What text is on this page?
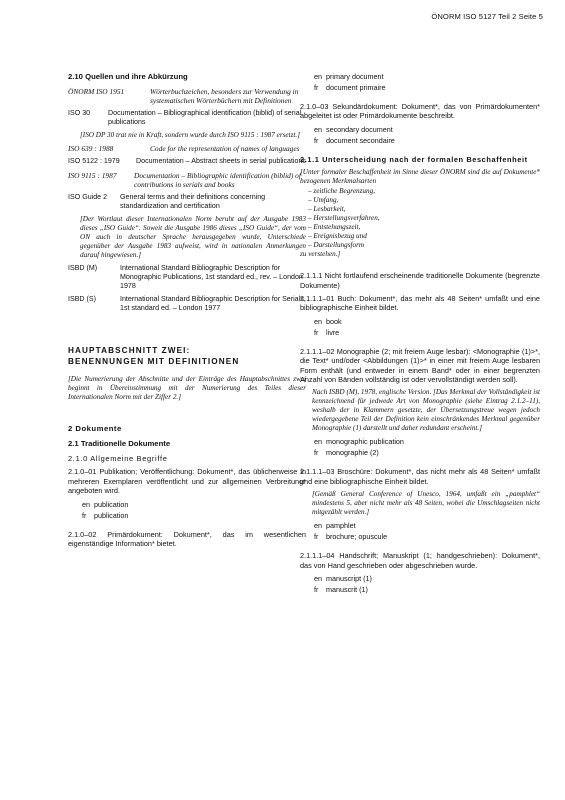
ÖNORM ISO 5127 Teil 2 Seite 5
2.10 Quellen und ihre Abkürzung
ÖNORM ISO 1951	Wörterbuchzeichen, besonders zur Verwendung in systematischen Wörterbüchern mit Definitionen
ISO 30	Documentation – Bibliographical identification (biblid) of serial publications
[ISO DP 30 trat nie in Kraft, sondern wurde durch ISO 9115 : 1987 ersetzt.]
ISO 639 : 1988	Code for the representation of names of languages
ISO 5122 : 1979	Documentation – Abstract sheets in serial publications
ISO 9115 : 1987	Documentation – Bibliographic identification (biblid) of contributions in serials and books
ISO Guide 2	General terms and their definitions concerning standardization and certification
[Der Wortlaut dieser Internationalen Norm beruht auf der Ausgabe 1983 dieses „ISO Guide“. Soweit die Ausgabe 1986 dieses „ISO Guide“, der vom ON auch in deutscher Sprache herausgegeben wurde, Unterschiede gegenüber der Ausgabe 1983 aufweist, wird in nationalen Anmerkungen darauf hingewiesen.]
ISBD (M)	International Standard Bibliographic Description for Monographic Publications, 1st standard ed., rev. – London 1978
ISBD (S)	International Standard Bibliographic Description for Serials, 1st standard ed. – London 1977
HAUPTABSCHNITT ZWEI:
BENENNUNGEN MIT DEFINITIONEN
[Die Numerierung der Abschnitte und der Einträge des Hauptabschnittes zwei beginnt in Übereinstimmung mit der Numerierung des Teiles dieser Internationalen Norm mit der Ziffer 2.]
2 Dokumente
2.1 Traditionelle Dokumente
2.1.0 Allgemeine Begriffe
2.1.0–01 Publikation; Veröffentlichung: Dokument*, das üblicherweise in mehreren Exemplaren veröffentlicht und zur allgemeinen Verbreitung* angeboten wird.
en publication
fr	publication
2.1.0–02 Primärdokument: Dokument*, das im wesentlichen eigenständige Information* bietet.
en primary document
fr	document primaire
2.1.0–03 Sekundärdokument: Dokument*, das von Primärdokumenten* abgeleitet ist oder Primärdokumente beschreibt.
en secondary document
fr	document secondaire
2.1.1 Unterscheidung nach der formalen Beschaffenheit
[Unter formaler Beschaffenheit im Sinne dieser ÖNORM sind die auf Dokumente* bezogenen Merkmalsarten
– zeitliche Begrenzung,
– Umfang,
– Lesbarkeit,
– Herstellungsverfahren,
– Entstehungszeit,
– Ereignisbezug und
– Darstellungsform
zu verstehen.]
2.1.1.1 Nicht fortlaufend erscheinende traditionelle Dokumente (begrenzte Dokumente)
2.1.1.1–01 Buch: Dokument*, das mehr als 48 Seiten* umfaßt und eine bibliographische Einheit bildet.
en book
fr	livre
2.1.1.1–02 Monographie (2; mit freiem Auge lesbar): <Monographie (1)>*, die Text* und/oder <Abbildungen (1)>* in einer mit freiem Auge lesbaren Form enthält (und entweder in einem Band* oder in einer begrenzten Anzahl von Bänden vollständig ist oder vervollständigt werden soll).
Nach ISBD (M), 1978, englische Version. [Das Merkmal der Vollständigkeit ist kennzeichnend für jedwede Art von Monographie (siehe Eintrag 2.1.2–11), weshalb der in Klammern gesetzte, der Übersetzungstreue wegen jedoch wiedergegebene Teil der Definition kein einschränkendes Merkmal gegenüber Monographie (1) darstellt und daher redundant erscheint.]
en monographic publication
fr	monographie (2)
2.1.1.1–03 Broschüre: Dokument*, das nicht mehr als 48 Seiten* umfaßt und eine bibliographische Einheit bildet.
[Gemäß General Conference of Unesco, 1964, umfaßt ein „pamphlet“ mindestens 5, aber nicht mehr als 48 Seiten, wobei die Umschlagseiten nicht mitgezählt werden.]
en pamphlet
fr	brochure; opuscule
2.1.1.1–04 Handschrift; Manuskript (1; handgeschrieben): Dokument*, das von Hand geschrieben oder abgeschrieben wurde.
en manuscript (1)
fr	manuscrit (1)
